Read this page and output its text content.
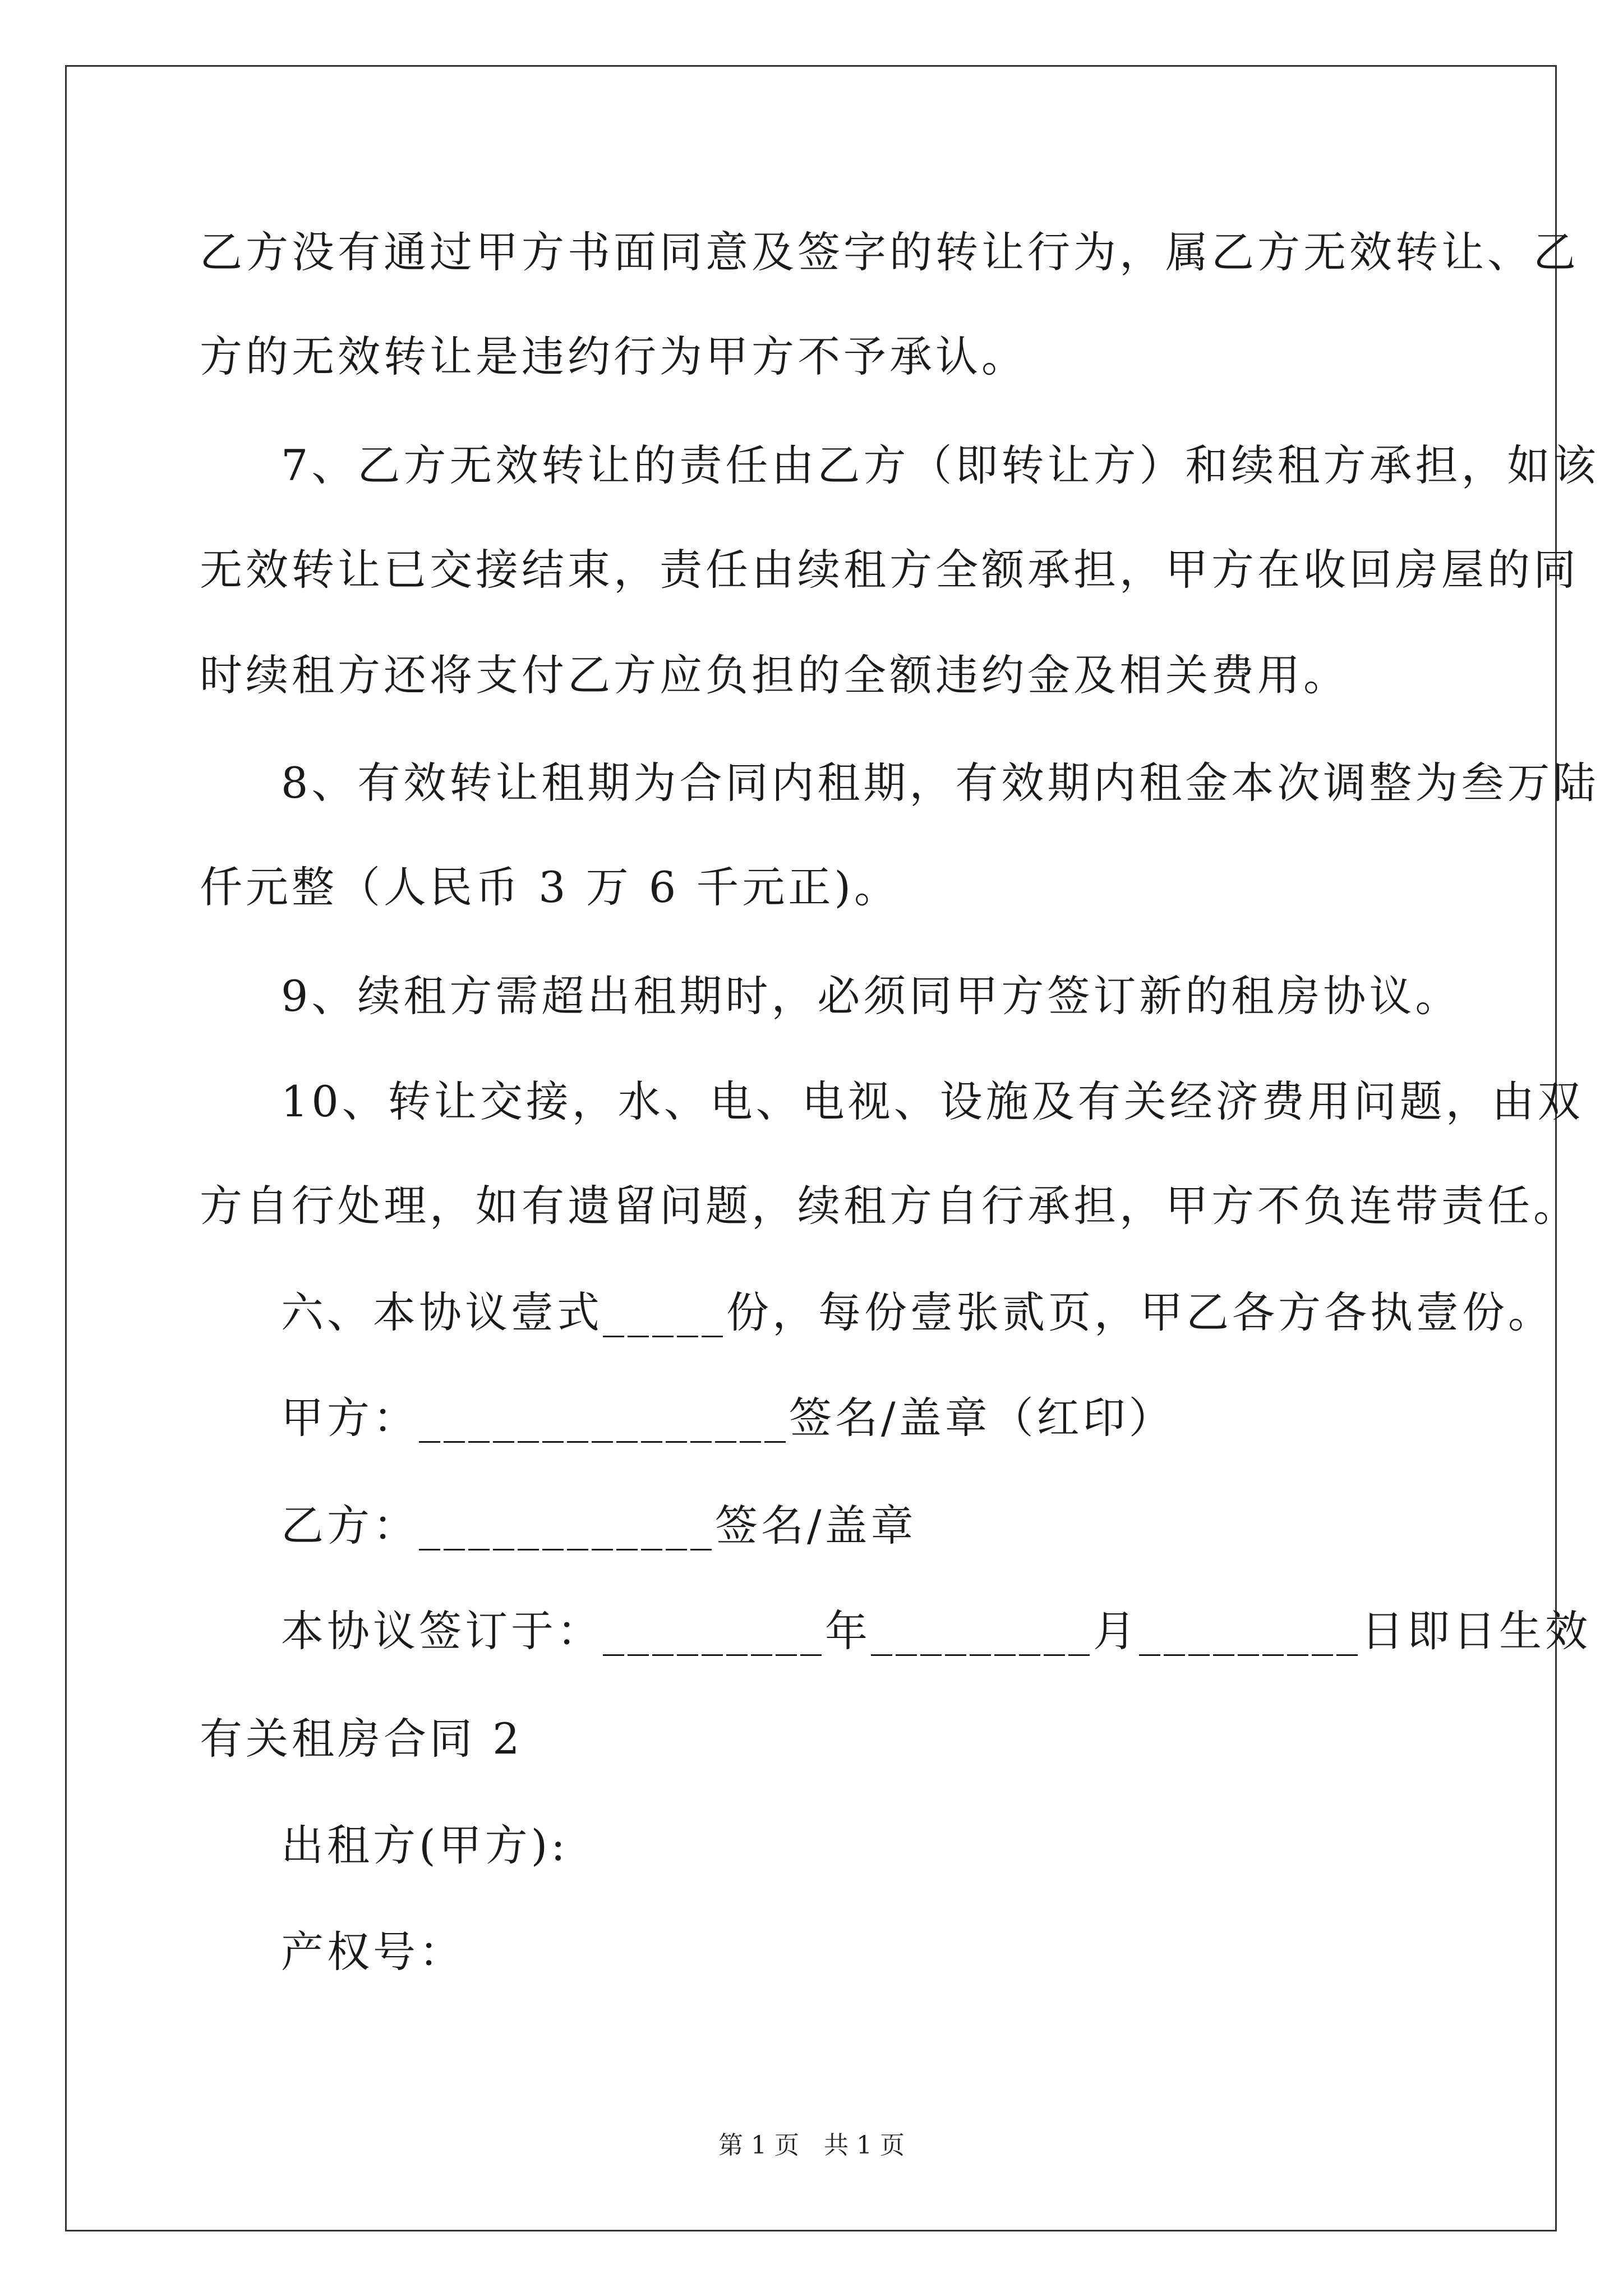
乙方没有通过甲方书面同意及签字的转让行为，属乙方无效转让、乙
方的无效转让是违约行为甲方不予承认。
7、乙方无效转让的责任由乙方（即转让方）和续租方承担，如该
无效转让已交接结束，责任由续租方全额承担，甲方在收回房屋的同
时续租方还将支付乙方应负担的全额违约金及相关费用。
8、有效转让租期为合同内租期，有效期内租金本次调整为叁万陆
仟元整（人民币 3 万 6 千元正)。
9、续租方需超出租期时，必须同甲方签订新的租房协议。
10、转让交接，水、电、电视、设施及有关经济费用问题，由双
方自行处理，如有遗留问题，续租方自行承担，甲方不负连带责任。
六、本协议壹式_____份，每份壹张贰页，甲乙各方各执壹份。
甲方：_______________签名/盖章（红印）
乙方：____________签名/盖章
本协议签订于：_________年_________月_________日即日生效
有关租房合同 2
出租方(甲方):
产权号：
第 1 页　共 1 页
